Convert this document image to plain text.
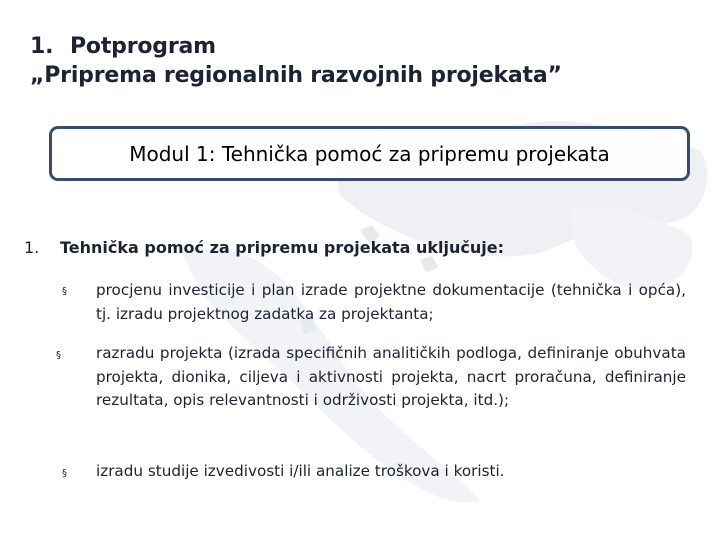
1. Potprogram
„Priprema regionalnih razvojnih projekata”
Modul 1: Tehnička pomoć za pripremu projekata
1. Tehnička pomoć za pripremu projekata uključuje:
§ procjenu investicije i plan izrade projektne dokumentacije (tehnička i opća), tj. izradu projektnog zadatka za projektanta;
§ razradu projekta (izrada specifičnih analitičkih podloga, definiranje obuhvata projekta, dionika, ciljeva i aktivnosti projekta, nacrt proračuna, definiranje rezultata, opis relevantnosti i održivosti projekta, itd.);
§ izradu studije izvedivosti i/ili analize troškova i koristi.
